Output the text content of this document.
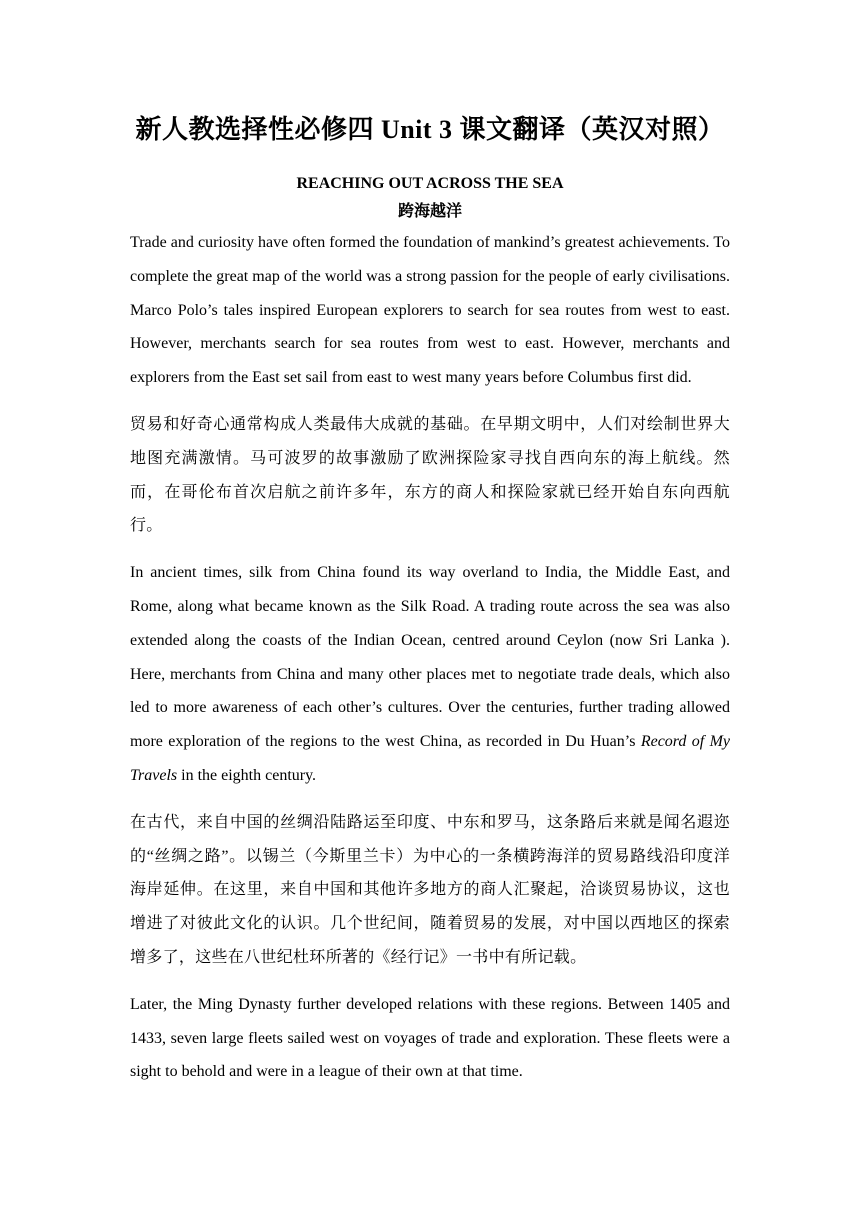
新人教选择性必修四 Unit 3 课文翻译（英汉对照）
REACHING OUT ACROSS THE SEA
跨海越洋

Trade and curiosity have often formed the foundation of mankind’s greatest achievements. To complete the great map of the world was a strong passion for the people of early civilisations. Marco Polo’s tales inspired European explorers to search for sea routes from west to east. However, merchants search for sea routes from west to east. However, merchants and explorers from the East set sail from east to west many years before Columbus first did.

贸易和好奇心通常构成人类最伟大成就的基础。在早期文明中，人们对绘制世界大地图充满激情。马可波罗的故事激励了欧洲探险家寻找自西向东的海上航线。然而，在哥伦布首次启航之前许多年，东方的商人和探险家就已经开始自东向西航行。

In ancient times, silk from China found its way overland to India, the Middle East, and Rome, along what became known as the Silk Road. A trading route across the sea was also extended along the coasts of the Indian Ocean, centred around Ceylon (now Sri Lanka ). Here, merchants from China and many other places met to negotiate trade deals, which also led to more awareness of each other’s cultures. Over the centuries, further trading allowed more exploration of the regions to the west China, as recorded in Du Huan’s Record of My Travels in the eighth century.

在古代，来自中国的丝绸沿陆路运至印度、中东和罗马，这条路后来就是闻名遐迩的“丝绸之路”。以锡兰（今斯里兰卡）为中心的一条横跨海洋的贸易路线沿印度洋海岸延伸。在这里，来自中国和其他许多地方的商人汇聚起，洽谈贸易协议，这也增进了对彼此文化的认识。几个世纪间，随着贸易的发展，对中国以西地区的探索增多了，这些在八世纪杜环所著的《经行记》一书中有所记载。

Later, the Ming Dynasty further developed relations with these regions. Between 1405 and 1433, seven large fleets sailed west on voyages of trade and exploration. These fleets were a sight to behold and were in a league of their own at that time.
